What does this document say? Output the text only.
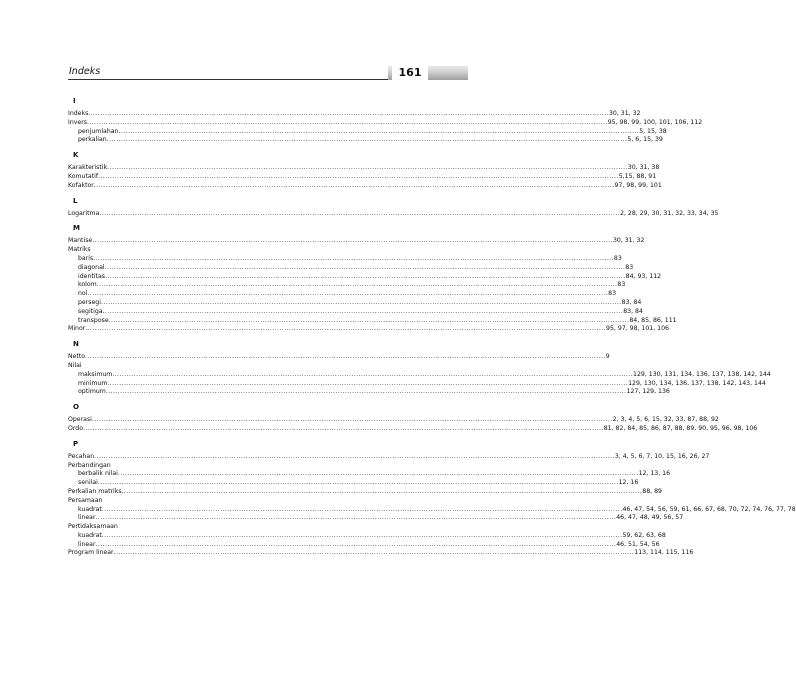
Indeks	161
I
Indeks ............................................................................................................................................................................................................................ 30, 31, 32
Invers ............................................................................................................................................................................................................................ 95, 98, 99, 100, 101, 106, 112
penjumlahan ............................................................................................................................................................................................................................ 5, 15, 38
perkalian ............................................................................................................................................................................................................................ 5, 6, 15, 39
K
Karakteristik ............................................................................................................................................................................................................................ 30, 31, 38
Komutatif ............................................................................................................................................................................................................................ 5,15, 88, 91
Kofaktor ............................................................................................................................................................................................................................ 97, 98, 99, 101
L
Logaritma ............................................................................................................................................................................................................................ 2, 28, 29, 30, 31, 32, 33, 34, 35
M
Mantise ............................................................................................................................................................................................................................ 30, 31, 32
Matriks
baris ............................................................................................................................................................................................................................ 83
diagonal ............................................................................................................................................................................................................................ 83
identitas ............................................................................................................................................................................................................................ 84, 93, 112
kolom ............................................................................................................................................................................................................................ 83
nol ............................................................................................................................................................................................................................ 83
persegi ............................................................................................................................................................................................................................ 83, 84
segitiga ............................................................................................................................................................................................................................ 83, 84
transpose ............................................................................................................................................................................................................................ 84, 85, 86, 111
Minor ............................................................................................................................................................................................................................ 95, 97, 98, 101, 106
N
Netto ............................................................................................................................................................................................................................ 9
Nilai
maksimum ............................................................................................................................................................................................................................ 129, 130, 131, 134, 136, 137, 138, 142, 144
minimum ............................................................................................................................................................................................................................ 129, 130, 134, 136, 137, 138, 142, 143, 144
optimum ............................................................................................................................................................................................................................ 127, 129, 136
O
Operasi ............................................................................................................................................................................................................................ 2, 3, 4, 5, 6, 15, 32, 33, 87, 88, 92
Ordo ............................................................................................................................................................................................................................ 81, 82, 84, 85, 86, 87, 88, 89, 90, 95, 96, 98, 106
P
Pecahan ............................................................................................................................................................................................................................ 3, 4, 5, 6, 7, 10, 15, 16, 26, 27
Perbandingan
berbalik nilai ............................................................................................................................................................................................................................ 12, 13, 16
senilai ............................................................................................................................................................................................................................ 12, 16
Perkalian matriks ............................................................................................................................................................................................................................ 88, 89
Persamaan
kuadrat ............................................................................................................................................................................................................................ 46, 47, 54, 56, 59, 61, 66, 67, 68, 70, 72, 74, 76, 77, 78
linear ............................................................................................................................................................................................................................ 46, 47, 48, 49, 56, 57
Pertidaksamaan
kuadrat ............................................................................................................................................................................................................................ 59, 62, 63, 68
linear ............................................................................................................................................................................................................................ 46, 51, 54, 56
Program linear ............................................................................................................................................................................................................................ 113, 114, 115, 116
